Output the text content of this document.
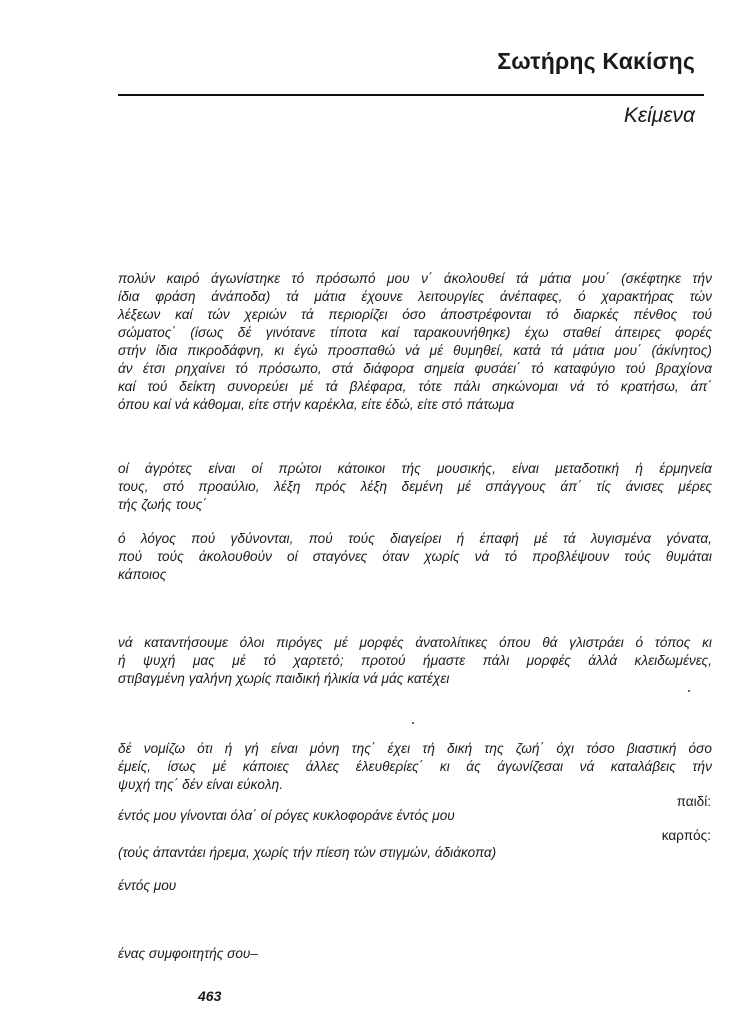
Σωτήρης Κακίσης
Κείμενα
πολύν καιρό άγωνίστηκε τό πρόσωπό μου ν΄ άκολουθεί τά μάτια μου΄ (σκέφτηκε τήν
ίδια φράση άνάποδα) τά μάτια έχουνε λειτουργίες άνέπαφες, ό χαρακτήρας τών
λέξεων καί τών χεριών τά περιορίζει όσο άποστρέφονται τό διαρκές πένθος τού
σώματος΄ (ίσως δέ γινότανε τίποτα καί ταρακουνήθηκε) έχω σταθεί άπειρες φορές
στήν ίδια πικροδάφνη, κι έγώ προσπαθώ νά μέ θυμηθεί, κατά τά μάτια μου΄ (άκίνητος)
άν έτσι ρηχαίνει τό πρόσωπο, στά διάφορα σημεία φυσάει΄ τό καταφύγιο τού βραχίονα
καί τού δείκτη συνορεύει μέ τά βλέφαρα, τότε πάλι σηκώνομαι νά τό κρατήσω, άπ΄
όπου καί νά κάθομαι, είτε στήν καρέκλα, είτε έδώ, είτε στό πάτωμα
οί άγρότες είναι οί πρώτοι κάτοικοι τής μουσικής, είναι μεταδοτική ή έρμηνεία
τους, στό προαύλιο, λέξη πρός λέξη δεμένη μέ σπάγγους άπ΄ τίς άνισες μέρες
τής ζωής τους΄
ό λόγος πού γδύνονται, πού τούς διαγείρει ή έπαφή μέ τά λυγισμένα γόνατα,
πού τούς άκολουθούν οί σταγόνες όταν χωρίς νά τό προβλέψουν τούς θυμάται
κάποιος
νά καταντήσουμε όλοι πιρόγες μέ μορφές άνατολίτικες όπου θά γλιστράει ό τόπος κι
ή ψυχή μας μέ τό χαρτετό; προτού ήμαστε πάλι μορφές άλλά κλειδωμένες,
στιβαγμένη γαλήνη χωρίς παιδική ήλικία νά μάς κατέχει
δέ νομίζω ότι ή γή είναι μόνη της΄ έχει τή δική της ζωή΄ όχι τόσο βιαστική όσο
έμείς, ίσως μέ κάποιες άλλες έλευθερίες΄ κι άς άγωνίζεσαι νά καταλάβεις τήν
ψυχή της΄ δέν είναι εύκολη.
παιδί:
έντός μου γίνονται όλα΄ οί ρόγες κυκλοφοράνε έντός μου
καρπός:
(τούς άπαντάει ήρεμα, χωρίς τήν πίεση τών στιγμών, άδιάκοπα)
έντός μου
ένας συμφοιτητής σου–
463
